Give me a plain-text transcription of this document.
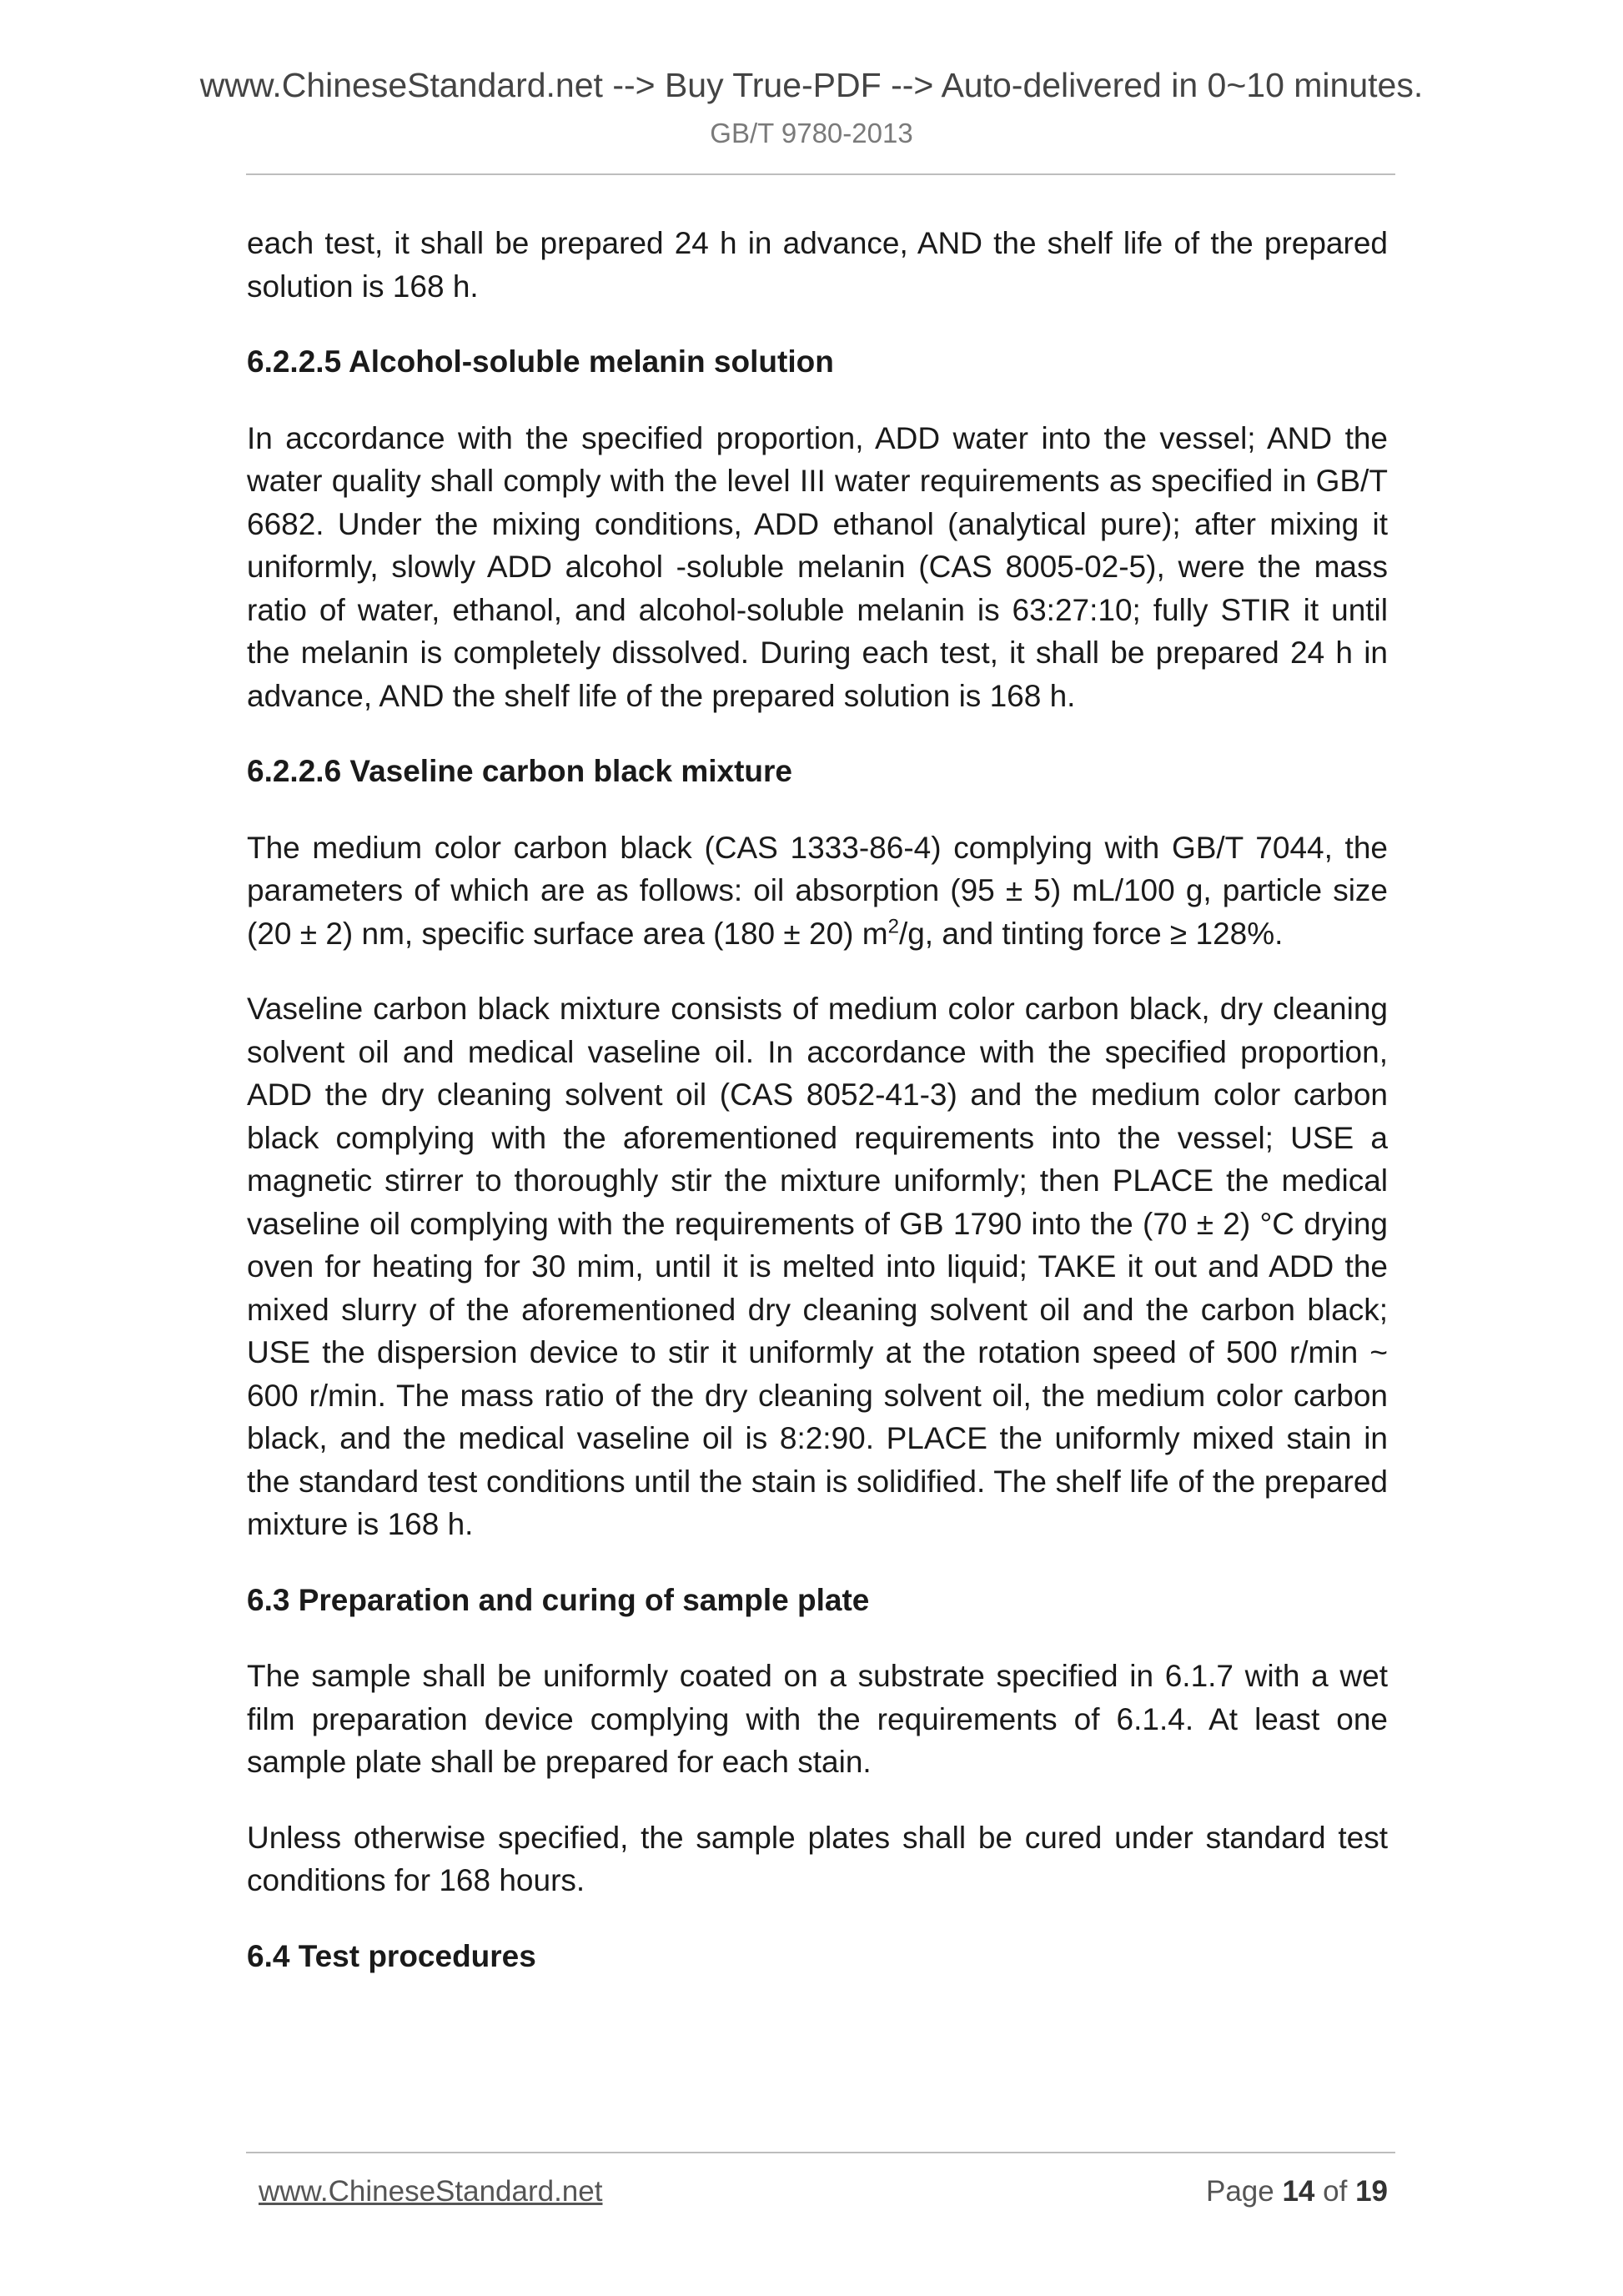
www.ChineseStandard.net --> Buy True-PDF --> Auto-delivered in 0~10 minutes.
GB/T 9780-2013

each test, it shall be prepared 24 h in advance, AND the shelf life of the prepared solution is 168 h.

6.2.2.5 Alcohol-soluble melanin solution

In accordance with the specified proportion, ADD water into the vessel; AND the water quality shall comply with the level III water requirements as specified in GB/T 6682. Under the mixing conditions, ADD ethanol (analytical pure); after mixing it uniformly, slowly ADD alcohol -soluble melanin (CAS 8005-02-5), were the mass ratio of water, ethanol, and alcohol-soluble melanin is 63:27:10; fully STIR it until the melanin is completely dissolved. During each test, it shall be prepared 24 h in advance, AND the shelf life of the prepared solution is 168 h.

6.2.2.6 Vaseline carbon black mixture

The medium color carbon black (CAS 1333-86-4) complying with GB/T 7044, the parameters of which are as follows: oil absorption (95 ± 5) mL/100 g, particle size (20 ± 2) nm, specific surface area (180 ± 20) $m^2/g$, and tinting force ≥ 128%.

Vaseline carbon black mixture consists of medium color carbon black, dry cleaning solvent oil and medical vaseline oil. In accordance with the specified proportion, ADD the dry cleaning solvent oil (CAS 8052-41-3) and the medium color carbon black complying with the aforementioned requirements into the vessel; USE a magnetic stirrer to thoroughly stir the mixture uniformly; then PLACE the medical vaseline oil complying with the requirements of GB 1790 into the (70 ± 2) °C drying oven for heating for 30 mim, until it is melted into liquid; TAKE it out and ADD the mixed slurry of the aforementioned dry cleaning solvent oil and the carbon black; USE the dispersion device to stir it uniformly at the rotation speed of 500 r/min ~ 600 r/min. The mass ratio of the dry cleaning solvent oil, the medium color carbon black, and the medical vaseline oil is 8:2:90. PLACE the uniformly mixed stain in the standard test conditions until the stain is solidified. The shelf life of the prepared mixture is 168 h.

6.3 Preparation and curing of sample plate

The sample shall be uniformly coated on a substrate specified in 6.1.7 with a wet film preparation device complying with the requirements of 6.1.4. At least one sample plate shall be prepared for each stain.

Unless otherwise specified, the sample plates shall be cured under standard test conditions for 168 hours.

6.4 Test procedures
www.ChineseStandard.net	Page 14 of 19
